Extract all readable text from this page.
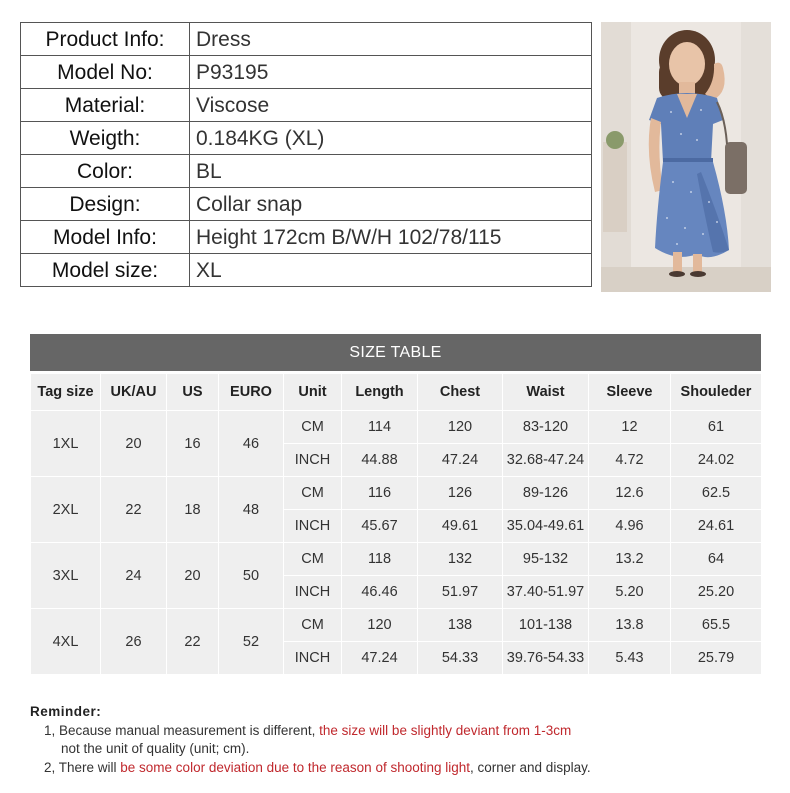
Product Info:	Dress
Model No:	P93195
Material:	Viscose
Weigth:	0.184KG (XL)
Color:	BL
Design:	Collar snap
Model Info:	Height 172cm B/W/H 102/78/115
Model size:	XL
SIZE TABLE
Tag size	UK/AU	US	EURO	Unit	Length	Chest	Waist	Sleeve	Shouleder
1XL	20	16	46	CM	114	120	83-120	12	61
				INCH	44.88	47.24	32.68-47.24	4.72	24.02
2XL	22	18	48	CM	116	126	89-126	12.6	62.5
				INCH	45.67	49.61	35.04-49.61	4.96	24.61
3XL	24	20	50	CM	118	132	95-132	13.2	64
				INCH	46.46	51.97	37.40-51.97	5.20	25.20
4XL	26	22	52	CM	120	138	101-138	13.8	65.5
				INCH	47.24	54.33	39.76-54.33	5.43	25.79
Reminder:
1, Because manual measurement is different, the size will be slightly deviant from 1-3cm
not the unit of quality (unit; cm).
2, There will be some color deviation due to the reason of shooting light, corner and display.
